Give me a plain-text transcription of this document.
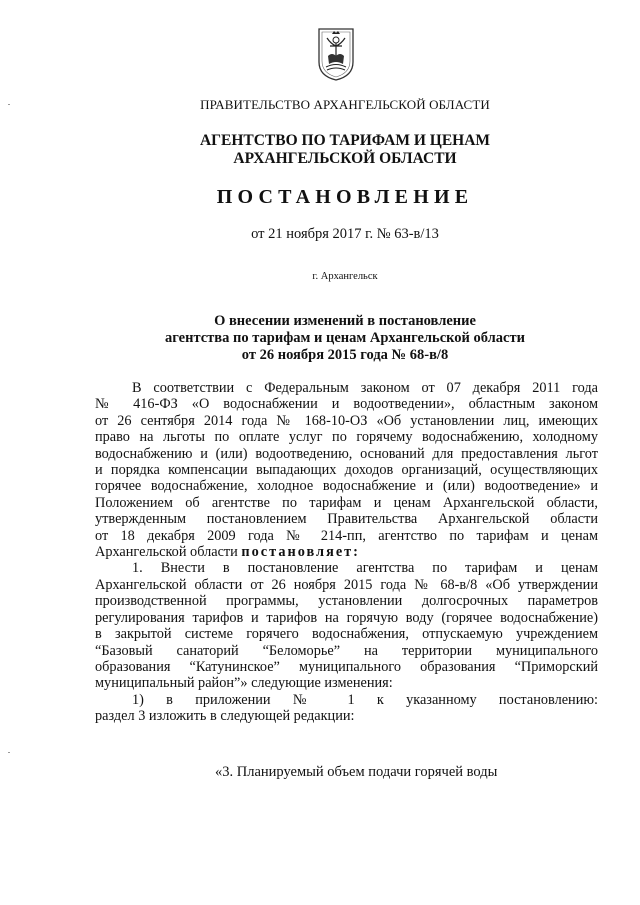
ПРАВИТЕЛЬСТВО АРХАНГЕЛЬСКОЙ ОБЛАСТИ
АГЕНТСТВО ПО ТАРИФАМ И ЦЕНАМ
АРХАНГЕЛЬСКОЙ ОБЛАСТИ
ПОСТАНОВЛЕНИЕ
от 21 ноября 2017 г. № 63-в/13
г. Архангельск
О внесении изменений в постановление
агентства по тарифам и ценам Архангельской области
от 26 ноября 2015 года № 68-в/8
В соответствии с Федеральным законом от 07 декабря 2011 года
№ 416-ФЗ «О водоснабжении и водоотведении», областным законом
от 26 сентября 2014 года № 168-10-ОЗ «Об установлении лиц, имеющих
право на льготы по оплате услуг по горячему водоснабжению, холодному
водоснабжению и (или) водоотведению, оснований для предоставления льгот
и порядка компенсации выпадающих доходов организаций, осуществляющих
горячее водоснабжение, холодное водоснабжение и (или) водоотведение» и
Положением об агентстве по тарифам и ценам Архангельской области,
утвержденным постановлением Правительства Архангельской области
от 18 декабря 2009 года № 214-пп, агентство по тарифам и ценам
Архангельской области постановляет:
1. Внести в постановление агентства по тарифам и ценам
Архангельской области от 26 ноября 2015 года № 68-в/8 «Об утверждении
производственной программы, установлении долгосрочных параметров
регулирования тарифов и тарифов на горячую воду (горячее водоснабжение)
в закрытой системе горячего водоснабжения, отпускаемую учреждением
“Базовый санаторий “Беломорье” на территории муниципального
образования “Катунинское” муниципального образования “Приморский
муниципальный район”» следующие изменения:
1) в приложении № 1 к указанному постановлению:
раздел 3 изложить в следующей редакции:
«3. Планируемый объем подачи горячей воды
